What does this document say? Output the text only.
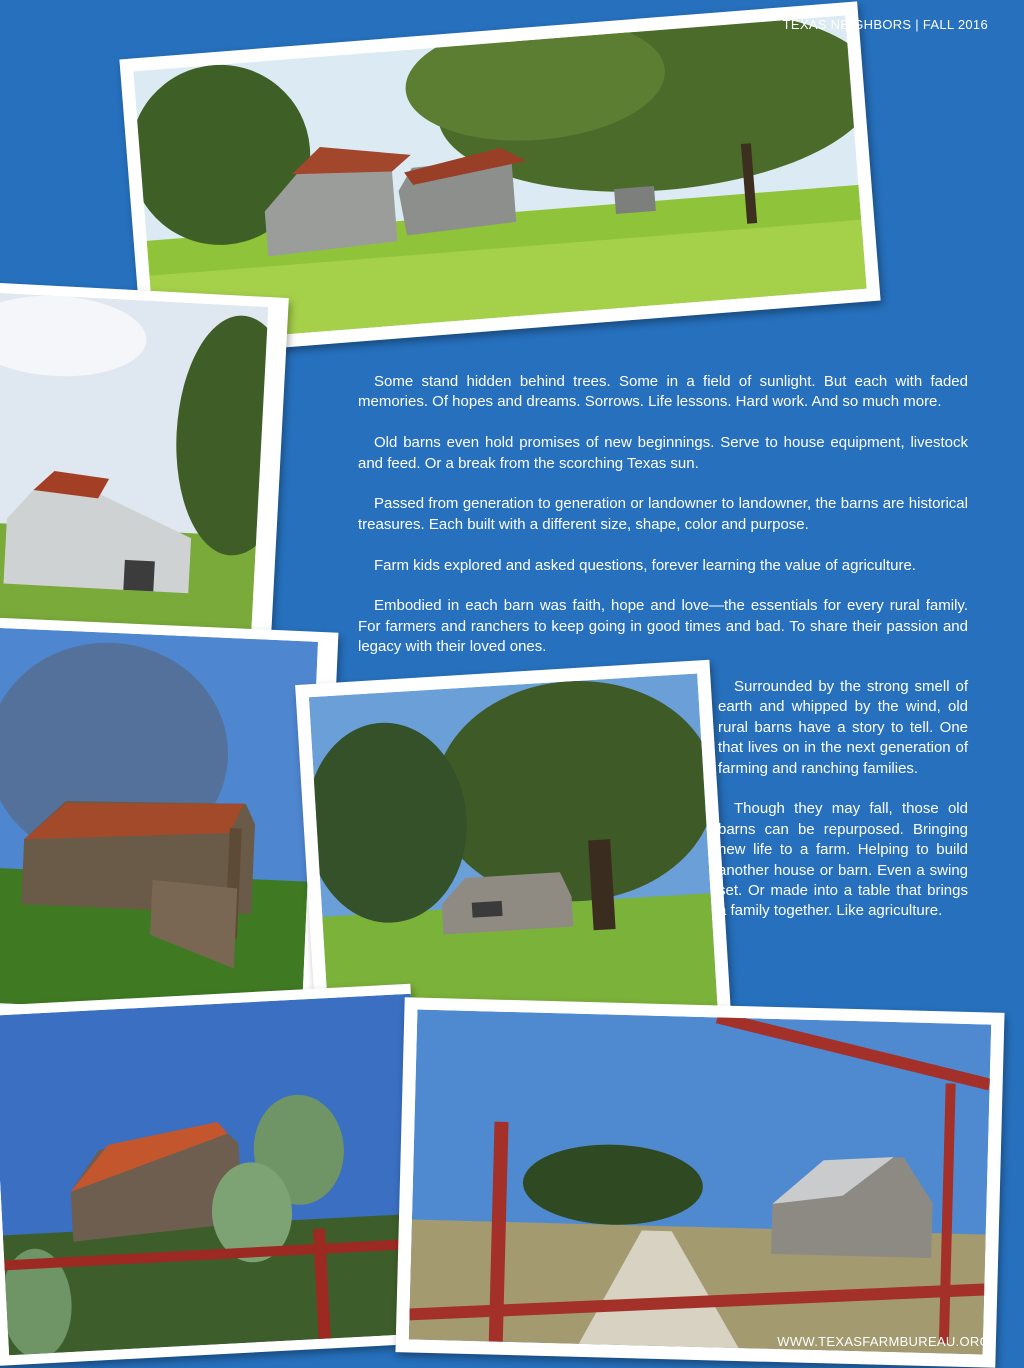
TEXAS NEIGHBORS | FALL 2016

Some stand hidden behind trees. Some in a field of sunlight. But each with faded memories. Of hopes and dreams. Sorrows. Life lessons. Hard work. And so much more.

Old barns even hold promises of new beginnings. Serve to house equipment, livestock and feed. Or a break from the scorching Texas sun.

Passed from generation to generation or landowner to landowner, the barns are historical treasures. Each built with a different size, shape, color and purpose.

Farm kids explored and asked questions, forever learning the value of agriculture.

Embodied in each barn was faith, hope and love—the essentials for every rural family. For farmers and ranchers to keep going in good times and bad. To share their passion and legacy with their loved ones.

Surrounded by the strong smell of earth and whipped by the wind, old rural barns have a story to tell. One that lives on in the next generation of farming and ranching families.

Though they may fall, those old barns can be repurposed. Bringing new life to a farm. Helping to build another house or barn. Even a swing set. Or made into a table that brings a family together. Like agriculture.

WWW.TEXASFARMBUREAU.ORG
